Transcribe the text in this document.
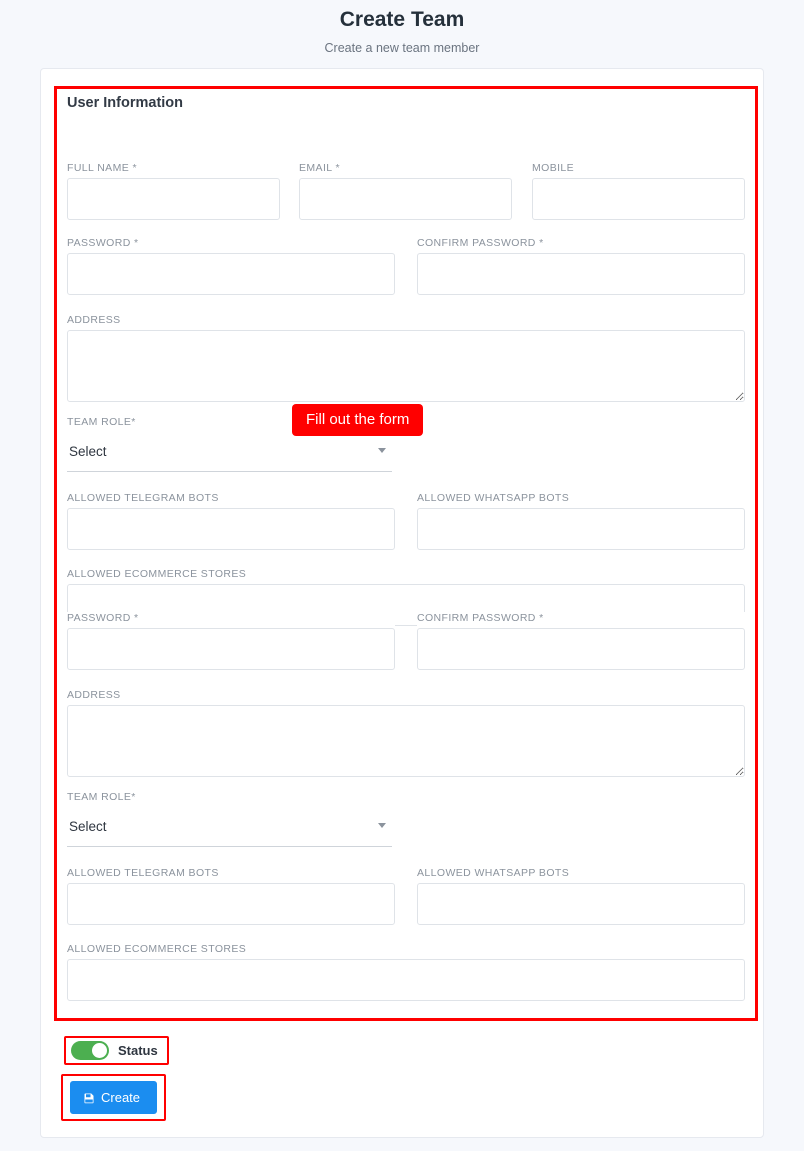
Create Team
Create a new team member
User Information
FULL NAME *	EMAIL *	MOBILE
PASSWORD *	CONFIRM PASSWORD *
ADDRESS
TEAM ROLE*
Select
ALLOWED TELEGRAM BOTS	ALLOWED WHATSAPP BOTS
ALLOWED ECOMMERCE STORES
PASSWORD *	CONFIRM PASSWORD *
ADDRESS
TEAM ROLE*
Select
ALLOWED TELEGRAM BOTS	ALLOWED WHATSAPP BOTS
ALLOWED ECOMMERCE STORES
Fill out the form
Status
Create
